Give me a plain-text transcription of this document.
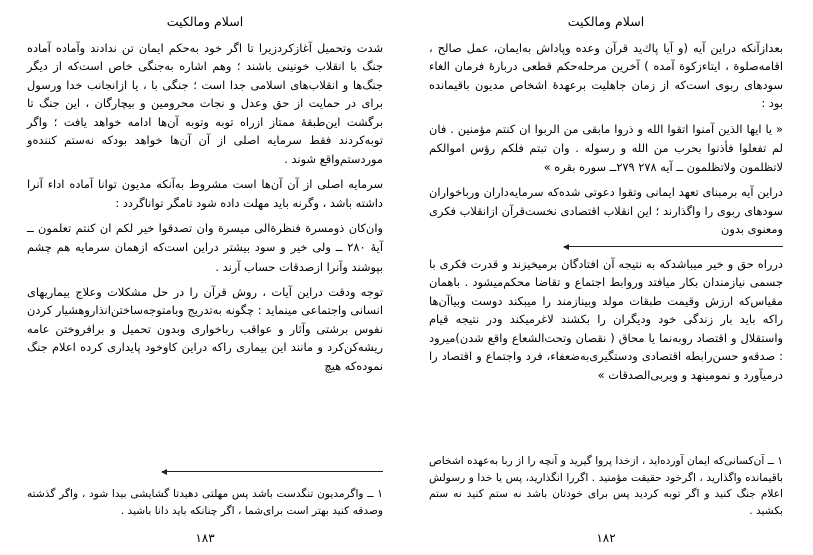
اسلام ومالكيت

شدت وتحميل آغازكرد‌زيرا تا اگر خود به‌حكم ايمان تن ندادند وآماده آماده جنگ با انقلاب خونينى باشند ؛ وهم اشاره به‌جنگى خاص است‌كه از ديگر جنگ‌ها و انقلاب‌هاى اسلامى جدا است ؛ جنگى با ، يا ازانجانب خدا ورسول براى در حمايت از حق وعدل و نجات محرومين و بيچارگان ، اين جنگ تا برگشت اين‌طبقهٔ ممتاز از‌راه توبه وتوبه آن‌ها ادامه خواهد يافت ؛ واگر توبه‌كردند فقط سرمايه اصلى از آن آن‌ها خواهد بودكه نه‌ستم كننده‌و مورد‌ستم‌واقع شوند .

سرمايه اصلى از آن آن‌ها است مشروط به‌آنكه مديون توانا آماده اداء آنرا داشته باشد ، وگرنه بايد مهلت داده شود تا‌مگر توانا‌گردد :

وان‌كان ذومسرة فنظرةالى ميسرة وان تصدقوا خير لكم ان كنتم تعلمون ــ آيهٔ ۲۸۰ ــ ولى خير و سود بيشتر دراين است‌كه ازهمان سرمايه هم چشم بپوشند وآنرا ازصدقات حساب آرند .

توجه ودقت دراين آيات ، روش قرآن را در حل مشكلات وعلاج بيماريهاى انسانى واجتماعى مينمايد : چگونه به‌تدريج وبامتوجه‌ساختن‌انذار‌وهشيار كردن نفوس برشتى وآثار و عواقب رباخوارى وبدون تحميل و برافروختن عامه ريشه‌كن‌كرد و مانند اين بيمارى را‌كه دراين كاوخود پايدارى كرده اعلام جنگ نموده‌كه هيچ

۱ ــ واگر‌مديون تنگدست باشد پس مهلتى دهيد‌تا گشايشى بيدا شود ، واگر گذشته وصدقه كنيد بهتر است براى‌شما ، اگر چنانكه بايد دانا باشيد .

۱۸۳
اسلام ومالكيت

بعدازآنكه دراين آيه (و آيا پاك‌يد قرآن وعده وپاداش به‌ايمان، عمل صالح ، اقامه‌صلوة ، ايتاءزكوة آمده ) آخرين مرحله‌حكم قطعى دربارهٔ فرمان الغاء سودهاى ربوى است‌كه از زمان جاهليت برعهدهٔ اشخاص مديون باقيمانده بود :

« يا ايها الذين آمنوا اتقوا الله و ذروا مابقى من الربوا ان كنتم مؤمنين . فان لم تفعلوا فأذنوا بحرب من الله و رسوله . وان تبتم فلكم رؤس اموالكم لاتظلمون ولاتظلمون ــ آيه ۲۷۸ ۲۷۹ــ سوره بقره »

دراين آيه برمبناى تعهد ايمانى وتقوا دعوتى شده‌كه سرمايه‌داران ورباخواران سودهاى ربوى را واگذارند ؛ اين انقلاب اقتصادى نخست‌قرآن از‌انقلاب فكرى ومعنوى بدون

درراه حق و خير ميباشد‌كه به نتيجه آن افتادگان برميخيزند و قدرت فكرى با جسمى نيازمندان بكار ميافتد وروابط اجتماع و تقاضا محكم‌ميشود . باهمان مقياس‌كه ارزش وقيمت طبقات مولد وبينازمند را ميبكند دوست وبياآن‌ها را‌كه بايد بار زندگى خود وديگران را بكشند لاغرميكند ودر نتيجه قيام واستقلال و اقتصاد روبه‌نما يا محاق ( نقصان وتحت‌الشعاع واقع شدن)ميرود : صدقه‌و حسن‌رابطه اقتصادى ودستگيرى‌به‌ضعفاء، فرد واجتماع و اقتصاد را درميآورد و نمومينهد و ويربى‌الصدقات »

۱ ــ آن‌كسانى‌كه ايمان آورده‌ايد ، ازخدا پروا گيريد و آنچه را از ربا به‌عهده اشخاص باقيمانده واگذاريد ، اگرخود حقيقت مؤمنيد . اگر‌را انگذاريد، پس يا خدا و رسولش اعلام جنگ كنيد و اگر توبه كرديد پس براى خودتان باشد نه ستم كنيد نه ستم بكشيد .

۱۸۲
